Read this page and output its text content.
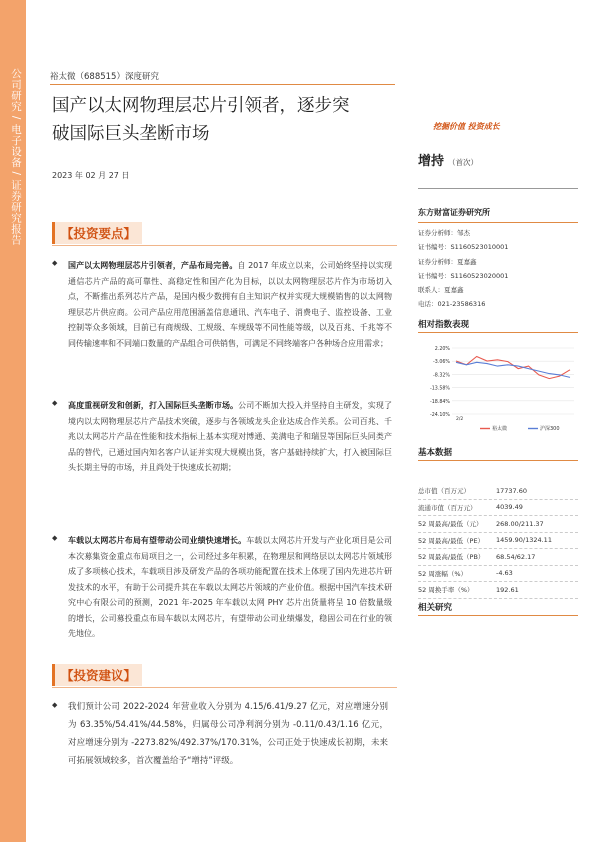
公司研究 / 电子设备 / 证券研究报告	裕太微（688515）深度研究
国产以太网物理层芯片引领者，逐步突
破国际巨头垄断市场
2023 年 02 月 27 日
挖掘价值 投资成长
增持 （首次）
东方财富证券研究所
证券分析师：邹杰
证书编号：S1160523010001
证券分析师：夏嘉鑫
证书编号：S1160523020001
联系人：夏嘉鑫
电话：021-23586316
相对指数表现
2.20%
-3.06%
-8.32%
-13.58%
-18.84%
-24.10%
2/2
裕太微	沪深300
基本数据
总市值（百万元）	17737.60
流通市值（百万元）	4039.49
52 周最高/最低（元）	268.00/211.37
52 周最高/最低（PE）	1459.90/1324.11
52 周最高/最低（PB）	68.54/62.17
52 周涨幅（%）	-4.63
52 周换手率（%）	192.61
相关研究
【投资要点】
◆ 国产以太网物理层芯片引领者，产品布局完善。自 2017 年成立以来，公司始终坚持以实现通信芯片产品的高可靠性、高稳定性和国产化为目标，以以太网物理层芯片作为市场切入点，不断推出系列芯片产品，是国内极少数拥有自主知识产权并实现大规模销售的以太网物理层芯片供应商。公司产品应用范围涵盖信息通讯、汽车电子、消费电子、监控设备、工业控制等众多领域，目前已有商规级、工规级、车规级等不同性能等级，以及百兆、千兆等不同传输速率和不同端口数量的产品组合可供销售，可满足不同终端客户各种场合应用需求；

◆ 高度重视研发和创新，打入国际巨头垄断市场。公司不断加大投入并坚持自主研发，实现了境内以太网物理层芯片产品技术突破，逐步与各领域龙头企业达成合作关系。公司百兆、千兆以太网芯片产品在性能和技术指标上基本实现对博通、美满电子和瑞昱等国际巨头同类产品的替代，已通过国内知名客户认证并实现大规模出货，客户基础持续扩大，打入被国际巨头长期主导的市场，并且尚处于快速成长初期；

◆ 车载以太网芯片布局有望带动公司业绩快速增长。车载以太网芯片开发与产业化项目是公司本次募集资金重点布局项目之一，公司经过多年积累，在物理层和网络层以太网芯片领域形成了多项核心技术，车载项目涉及研发产品的各项功能配置在技术上体现了国内先进芯片研发技术的水平，有助于公司提升其在车载以太网芯片领域的产业价值。根据中国汽车技术研究中心有限公司的预测，2021 年-2025 年车载以太网 PHY 芯片出货量将呈 10 倍数量级的增长，公司募投重点布局车载以太网芯片，有望带动公司业绩爆发，稳固公司在行业的领先地位。

【投资建议】
◆ 我们预计公司 2022-2024 年营业收入分别为 4.15/6.41/9.27 亿元，对应增速分别为 63.35%/54.41%/44.58%，归属母公司净利润分别为 -0.11/0.43/1.16 亿元，对应增速分别为 -2273.82%/492.37%/170.31%，公司正处于快速成长初期，未来可拓展领域较多，首次覆盖给予“增持”评级。
